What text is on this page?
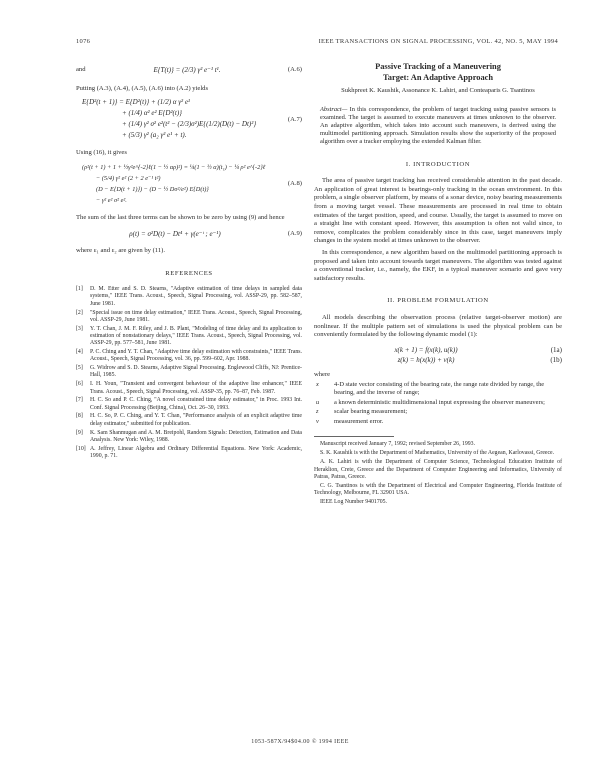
1076	IEEE TRANSACTIONS ON SIGNAL PROCESSING, VOL. 42, NO. 5, MAY 1994
and	E{T(t)} = (2/3) γ² e⁻¹ t¹.	(A.6)
Putting (A.3), (A.4), (A.5), (A.6) into (A.2) yields
E{D²(t + 1)} = E{D²(t)} + (1/2) α γ² e¹
+ (1/4) α² e² E{D²(t)}
+ (1/4) γ² σ² e²(t² − (2/3)σ²)E{(1/2)(D(t) − Dt)²}
+ (5/3) γ² (a₂ γ² e¹ + t).
(A.7)
Using (16), it gives
(ρ²(t + 1) + 1 + ½γ²e^{-2}ℓ(1 − ½ αρ)²) = ¼(1 − ½ α)(t₁) − ¼ ρ² e^{-2}ℓ
− (5/4) γ² e² (2 + 2 e⁻¹ t²)
(D − E{D(t + 1)}) − (D − ½ Dσ²/e²) E{D(t)}
− γ² e² σ² e².
(A.8)
The sum of the last three terms can be shown to be zero by using (9) and hence
ρ(t) = σ²D(t) − Dt⁴ + γ(e⁻ᵗ ; e⁻¹)	(A.9)
where ε₁ and ε₂ are given by (11).
REFERENCES
[1]	D. M. Etter and S. D. Stearns, "Adaptive estimation of time delays in sampled data systems," IEEE Trans. Acoust., Speech, Signal Processing, vol. ASSP-29, pp. 582–587, June 1981.
[2]	"Special issue on time delay estimation," IEEE Trans. Acoust., Speech, Signal Processing, vol. ASSP-29, June 1981.
[3]	Y. T. Chan, J. M. F. Riley, and J. B. Plant, "Modeling of time delay and its application to estimation of nonstationary delays," IEEE Trans. Acoust., Speech, Signal Processing, vol. ASSP-29, pp. 577–581, June 1981.
[4]	P. C. Ching and Y. T. Chan, "Adaptive time delay estimation with constraints," IEEE Trans. Acoust., Speech, Signal Processing, vol. 36, pp. 599–602, Apr. 1988.
[5]	G. Widrow and S. D. Stearns, Adaptive Signal Processing. Englewood Cliffs, NJ: Prentice-Hall, 1985.
[6]	I. H. Youn, "Transient and convergent behaviour of the adaptive line enhancer," IEEE Trans. Acoust., Speech, Signal Processing, vol. ASSP-35, pp. 76–87, Feb. 1987.
[7]	H. C. So and P. C. Ching, "A novel constrained time delay estimator," in Proc. 1993 Int. Conf. Signal Processing (Beijing, China), Oct. 26–30, 1993.
[8]	H. C. So, P. C. Ching, and Y. T. Chan, "Performance analysis of an explicit adaptive time delay estimator," submitted for publication.
[9]	K. Sam Shanmugan and A. M. Breipohl, Random Signals: Detection, Estimation and Data Analysis. New York: Wiley, 1988.
[10] A. Jeffrey, Linear Algebra and Ordinary Differential Equations. New York: Academic, 1990, p. 71.
Passive Tracking of a Maneuvering
Target: An Adaptive Approach
Sukhpreet K. Kaushik, Assonance K. Lahiri, and Conteaparis G. Tsantinos
Abstract— In this correspondence, the problem of target tracking using passive sensors is examined. The target is assumed to execute maneuvers at times unknown to the observer. An adaptive algorithm, which takes into account such maneuvers, is derived using the multimodel partitioning approach. Simulation results show the superiority of the proposed algorithm over a tracker employing the extended Kalman filter.
I. INTRODUCTION
The area of passive target tracking has received considerable attention in the past decade. An application of great interest is bearings-only tracking in the ocean environment. In this problem, a single observer platform, by means of a sonar device, noisy bearing measurements from a moving target vessel. These measurements are processed in real time to obtain estimates of the target position, speed, and course. Usually, the target is assumed to move on a straight line with constant speed. However, this assumption is often not valid since, to remove, complicates the problem considerably since in this case, target maneuvers imply changes in the system model at times unknown to the observer.
In this correspondence, a new algorithm based on the multimodel partitioning approach is proposed and taken into account towards target maneuvers. The algorithm was tested against a conventional tracker, i.e., namely, the EKF, in a typical maneuver scenario and gave very satisfactory results.
II. PROBLEM FORMULATION
All models describing the observation process (relative target-observer motion) are nonlinear. If the multiple pattern set of simulations is used the physical problem can be conveniently formulated by the following dynamic model (1):
x(k + 1) = f(x(k), u(k))	(1a)
z(k) = h(x(k)) + v(k)	(1b)
where
x	4-D state vector consisting of the bearing rate, the range rate divided by range, the bearing, and the inverse of range;
u	a known deterministic multidimensional input expressing the observer maneuvers;
z	scalar bearing measurement;
v	measurement error.
Manuscript received January 7, 1992; revised September 26, 1993.
S. K. Kaushik is with the Department of Mathematics, University of the Aegean, Karlovassi, Greece.
A. K. Lahiri is with the Department of Computer Science, Technological Education Institute of Heraklion, Crete, Greece and the Department of Computer Engineering and Informatics, University of Patras, Patras, Greece.
C. G. Tsantinos is with the Department of Electrical and Computer Engineering, Florida Institute of Technology, Melbourne, FL 32901 USA.
IEEE Log Number 9401705.
1053-587X/94$04.00 © 1994 IEEE
